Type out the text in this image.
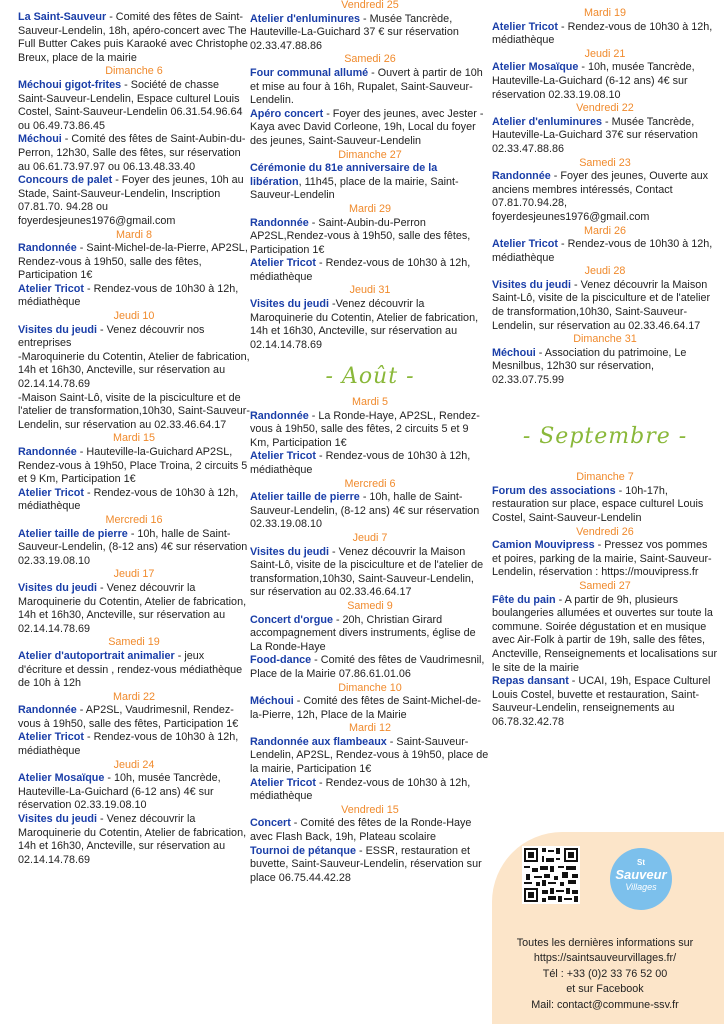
La Saint-Sauveur - Comité des fêtes de Saint-Sauveur-Lendelin, 18h, apéro-concert avec The Full Butter Cakes puis Karaoké avec Christophe Breux, place de la mairie
Dimanche 6
Méchoui gigot-frites - Société de chasse Saint-Sauveur-Lendelin, Espace culturel Louis Costel, Saint-Sauveur-Lendelin 06.31.54.96.64 ou 06.49.73.86.45
Méchoui - Comité des fêtes de Saint-Aubin-du-Perron, 12h30, Salle des fêtes, sur réservation au 06.61.73.97.97 ou 06.13.48.33.40
Concours de palet - Foyer des jeunes, 10h au Stade, Saint-Sauveur-Lendelin, Inscription 07.81.70. 94.28 ou foyerdesjeunes1976@gmail.com
Mardi 8
Randonnée - Saint-Michel-de-la-Pierre, AP2SL, Rendez-vous à 19h50, salle des fêtes, Participation 1€
Atelier Tricot - Rendez-vous de 10h30 à 12h, médiathèque
Jeudi 10
Visites du jeudi - Venez découvrir nos entreprises
-Maroquinerie du Cotentin, Atelier de fabrication, 14h et 16h30, Ancteville, sur réservation au 02.14.14.78.69
-Maison Saint-Lô, visite de la pisciculture et de l'atelier de transformation,10h30, Saint-Sauveur-Lendelin, sur réservation au 02.33.46.64.17
Mardi 15
Randonnée - Hauteville-la-Guichard AP2SL, Rendez-vous à 19h50, Place Troina, 2 circuits 5 et 9 Km, Participation 1€
Atelier Tricot - Rendez-vous de 10h30 à 12h, médiathèque
Mercredi 16
Atelier taille de pierre - 10h, halle de Saint-Sauveur-Lendelin, (8-12 ans) 4€ sur réservation 02.33.19.08.10
Jeudi 17
Visites du jeudi - Venez découvrir la Maroquinerie du Cotentin, Atelier de fabrication, 14h et 16h30, Ancteville, sur réservation au 02.14.14.78.69
Samedi 19
Atelier d'autoportrait animalier - jeux d'écriture et dessin , rendez-vous médiathèque de 10h à 12h
Mardi 22
Randonnée - AP2SL, Vaudrimesnil, Rendez-vous à 19h50, salle des fêtes, Participation 1€
Atelier Tricot - Rendez-vous de 10h30 à 12h, médiathèque
Jeudi 24
Atelier Mosaïque - 10h, musée Tancrède, Hauteville-La-Guichard (6-12 ans) 4€ sur réservation 02.33.19.08.10
Visites du jeudi - Venez découvrir la Maroquinerie du Cotentin, Atelier de fabrication, 14h et 16h30, Ancteville, sur réservation au 02.14.14.78.69
Vendredi 25
Atelier d'enluminures - Musée Tancrède, Hauteville-La-Guichard 37 € sur réservation 02.33.47.88.86
Samedi 26
Four communal allumé - Ouvert à partir de 10h et mise au four à 16h, Rupalet, Saint-Sauveur-Lendelin.
Apéro concert - Foyer des jeunes, avec Jester - Kaya avec David Corleone, 19h, Local du foyer des jeunes, Saint-Sauveur-Lendelin
Dimanche 27
Cérémonie du 81e anniversaire de la libération, 11h45, place de la mairie, Saint-Sauveur-Lendelin
Mardi 29
Randonnée - Saint-Aubin-du-Perron AP2SL,Rendez-vous à 19h50, salle des fêtes, Participation 1€
Atelier Tricot - Rendez-vous de 10h30 à 12h, médiathèque
Jeudi 31
Visites du jeudi -Venez découvrir la Maroquinerie du Cotentin, Atelier de fabrication, 14h et 16h30, Ancteville, sur réservation au 02.14.14.78.69
- Août -
Mardi 5
Randonnée - La Ronde-Haye, AP2SL, Rendez-vous à 19h50, salle des fêtes, 2 circuits 5 et 9 Km, Participation 1€
Atelier Tricot - Rendez-vous de 10h30 à 12h, médiathèque
Mercredi 6
Atelier taille de pierre - 10h, halle de Saint-Sauveur-Lendelin, (8-12 ans) 4€ sur réservation 02.33.19.08.10
Jeudi 7
Visites du jeudi - Venez découvrir la Maison Saint-Lô, visite de la pisciculture et de l'atelier de transformation,10h30, Saint-Sauveur-Lendelin, sur réservation au 02.33.46.64.17
Samedi 9
Concert d'orgue - 20h, Christian Girard accompagnement divers instruments, église de La Ronde-Haye
Food-dance - Comité des fêtes de Vaudrimesnil, Place de la Mairie 07.86.61.01.06
Dimanche 10
Méchoui - Comité des fêtes de Saint-Michel-de-la-Pierre, 12h, Place de la Mairie
Mardi 12
Randonnée aux flambeaux - Saint-Sauveur-Lendelin, AP2SL, Rendez-vous à 19h50, place de la mairie, Participation 1€
Atelier Tricot - Rendez-vous de 10h30 à 12h, médiathèque
Vendredi 15
Concert - Comité des fêtes de la Ronde-Haye avec Flash Back, 19h, Plateau scolaire
Tournoi de pétanque - ESSR, restauration et buvette, Saint-Sauveur-Lendelin, réservation sur place 06.75.44.42.28
Mardi 19
Atelier Tricot - Rendez-vous de 10h30 à 12h, médiathèque
Jeudi 21
Atelier Mosaïque - 10h, musée Tancrède, Hauteville-La-Guichard (6-12 ans) 4€ sur réservation 02.33.19.08.10
Vendredi 22
Atelier d'enluminures - Musée Tancrède, Hauteville-La-Guichard 37€ sur réservation 02.33.47.88.86
Samedi 23
Randonnée - Foyer des jeunes, Ouverte aux anciens membres intéressés, Contact 07.81.70.94.28, foyerdesjeunes1976@gmail.com
Mardi 26
Atelier Tricot - Rendez-vous de 10h30 à 12h, médiathèque
Jeudi 28
Visites du jeudi - Venez découvrir la Maison Saint-Lô, visite de la pisciculture et de l'atelier de transformation,10h30, Saint-Sauveur-Lendelin, sur réservation au 02.33.46.64.17
Dimanche 31
Méchoui - Association du patrimoine, Le Mesnilbus, 12h30 sur réservation, 02.33.07.75.99
- Septembre -
Dimanche 7
Forum des associations - 10h-17h, restauration sur place, espace culturel Louis Costel, Saint-Sauveur-Lendelin
Vendredi 26
Camion Mouvipress - Pressez vos pommes et poires, parking de la mairie, Saint-Sauveur-Lendelin, réservation : https://mouvipress.fr
Samedi 27
Fête du pain - A partir de 9h, plusieurs boulangeries allumées et ouvertes sur toute la commune. Soirée dégustation et en musique avec Air-Folk à partir de 19h, salle des fêtes, Ancteville, Renseignements et localisations sur le site de la mairie
Repas dansant - UCAI, 19h, Espace Culturel Louis Costel, buvette et restauration, Saint-Sauveur-Lendelin, renseignements au 06.78.32.42.78
St
Sauveur
Villages
Toutes les dernières informations sur
https://saintsauveurvillages.fr/
Tél : +33 (0)2 33 76 52 00
et sur Facebook
Mail: contact@commune-ssv.fr
